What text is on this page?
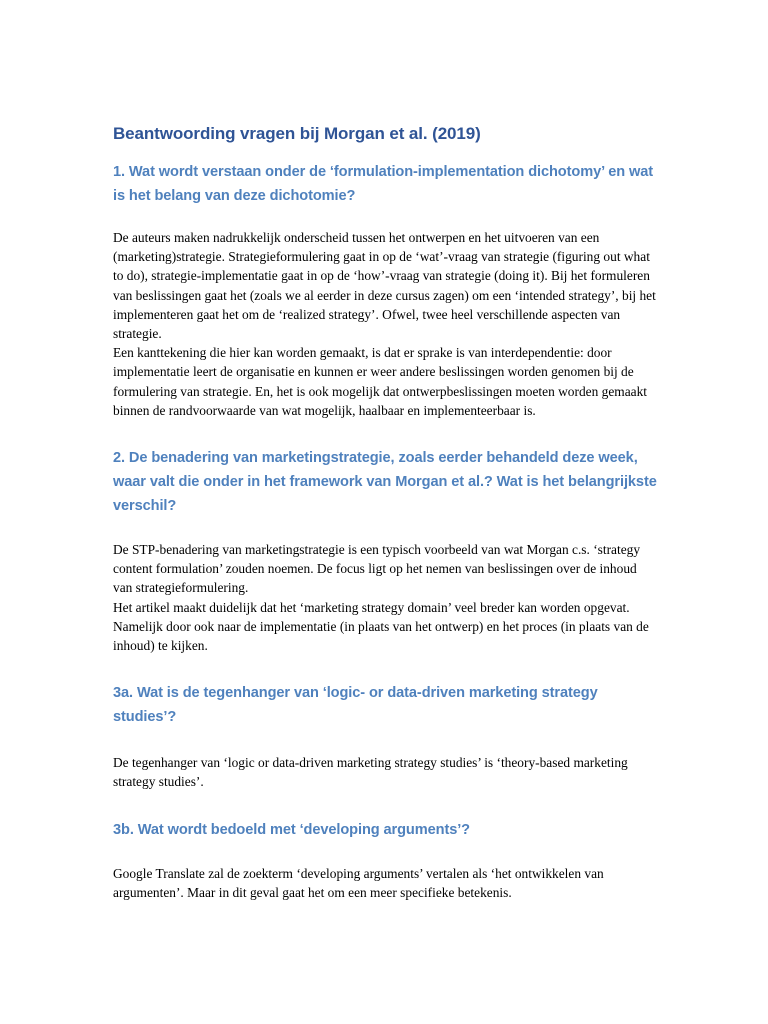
Beantwoording vragen bij Morgan et al. (2019)
1. Wat wordt verstaan onder de ‘formulation-implementation dichotomy’ en wat is het belang van deze dichotomie?

De auteurs maken nadrukkelijk onderscheid tussen het ontwerpen en het uitvoeren van een (marketing)strategie. Strategieformulering gaat in op de ‘wat’-vraag van strategie (figuring out what to do), strategie-implementatie gaat in op de ‘how’-vraag van strategie (doing it). Bij het formuleren van beslissingen gaat het (zoals we al eerder in deze cursus zagen) om een ‘intended strategy’, bij het implementeren gaat het om de ‘realized strategy’. Ofwel, twee heel verschillende aspecten van strategie.

Een kanttekening die hier kan worden gemaakt, is dat er sprake is van interdependentie: door implementatie leert de organisatie en kunnen er weer andere beslissingen worden genomen bij de formulering van strategie. En, het is ook mogelijk dat ontwerpbeslissingen moeten worden gemaakt binnen de randvoorwaarde van wat mogelijk, haalbaar en implementeerbaar is.

2. De benadering van marketingstrategie, zoals eerder behandeld deze week, waar valt die onder in het framework van Morgan et al.? Wat is het belangrijkste verschil?

De STP-benadering van marketingstrategie is een typisch voorbeeld van wat Morgan c.s. ‘strategy content formulation’ zouden noemen. De focus ligt op het nemen van beslissingen over de inhoud van strategieformulering.

Het artikel maakt duidelijk dat het ‘marketing strategy domain’ veel breder kan worden opgevat. Namelijk door ook naar de implementatie (in plaats van het ontwerp) en het proces (in plaats van de inhoud) te kijken.

3a. Wat is de tegenhanger van ‘logic- or data-driven marketing strategy studies’?

De tegenhanger van ‘logic or data-driven marketing strategy studies’ is ‘theory-based marketing strategy studies’.

3b. Wat wordt bedoeld met ‘developing arguments’?

Google Translate zal de zoekterm ‘developing arguments’ vertalen als ‘het ontwikkelen van argumenten’. Maar in dit geval gaat het om een meer specifieke betekenis.
